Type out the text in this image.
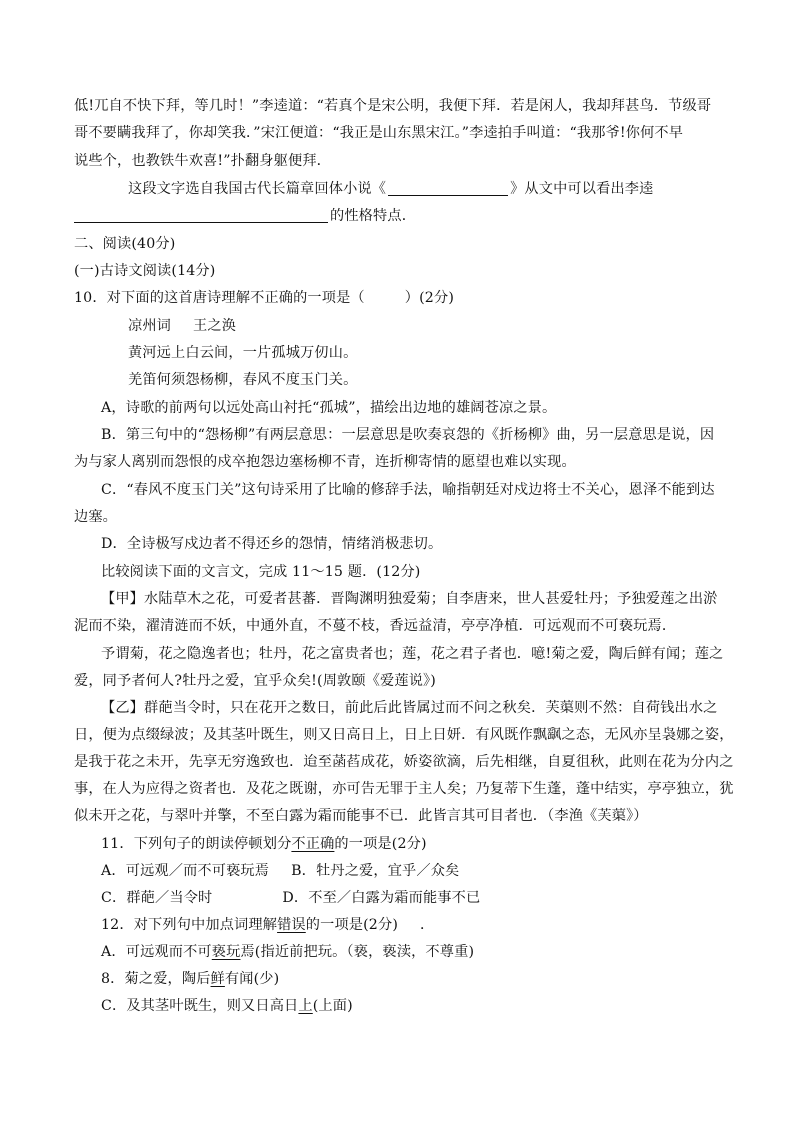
低!兀自不快下拜，等几时！”李逵道：“若真个是宋公明，我便下拜．若是闲人，我却拜甚鸟．节级哥
哥不要瞒我拜了，你却笑我．”宋江便道：“我正是山东黑宋江。”李逵拍手叫道：“我那爷!你何不早
说些个，也教铁牛欢喜!”扑翻身躯便拜．
这段文字选自我国古代长篇章回体小说《	》从文中可以看出李逵
的性格特点．
二、阅读(40分)
(一)古诗文阅读(14分)
10．对下面的这首唐诗理解不正确的一项是（	）(2分)
凉州词 王之涣
黄河远上白云间，一片孤城万仞山。
羌笛何须怨杨柳，春风不度玉门关。
A，诗歌的前两句以远处高山衬托“孤城”，描绘出边地的雄阔苍凉之景。
B．第三句中的“怨杨柳”有两层意思：一层意思是吹奏哀怨的《折杨柳》曲，另一层意思是说，因
为与家人离别而怨恨的戍卒抱怨边塞杨柳不青，连折柳寄情的愿望也难以实现。
C．“春风不度玉门关”这句诗采用了比喻的修辞手法，喻指朝廷对戍边将士不关心，恩泽不能到达
边塞。
D．全诗极写戍边者不得还乡的怨情，情绪消极悲切。
比较阅读下面的文言文，完成 11～15 题．(12分)
【甲】水陆草木之花，可爱者甚蕃．晋陶渊明独爱菊；自李唐来，世人甚爱牡丹；予独爱莲之出淤
泥而不染，濯清涟而不妖，中通外直，不蔓不枝，香远益清，亭亭净植．可远观而不可亵玩焉．
予谓菊，花之隐逸者也；牡丹，花之富贵者也；莲，花之君子者也．噫!菊之爱，陶后鲜有闻；莲之
爱，同予者何人?牡丹之爱，宜乎众矣!(周敦颐《爱莲说》)
【乙】群葩当令时，只在花开之数日，前此后此皆属过而不问之秋矣．芙蕖则不然：自荷钱出水之
日，便为点缀绿波；及其茎叶既生，则又日高日上，日上日妍．有风既作飘飖之态，无风亦呈袅娜之姿，
是我于花之未开，先享无穷逸致也．迨至菡萏成花，娇姿欲滴，后先相继，自夏徂秋，此则在花为分内之
事，在人为应得之资者也．及花之既谢，亦可告无罪于主人矣；乃复蒂下生蓬，蓬中结实，亭亭独立，犹
似未开之花，与翠叶并擎，不至白露为霜而能事不已．此皆言其可目者也．（李渔《芙蕖》）
11．下列句子的朗读停顿划分不正确的一项是(2分)
A．可远观／而不可亵玩焉 B．牡丹之爱，宜乎／众矣
C．群葩／当令时	D．不至／白露为霜而能事不已
12．对下列句中加点词理解错误的一项是(2分) ．
A．可远观而不可亵玩焉(指近前把玩。（亵，亵渎，不尊重)
8．菊之爱，陶后鲜有闻(少)
C．及其茎叶既生，则又日高日上(上面)
